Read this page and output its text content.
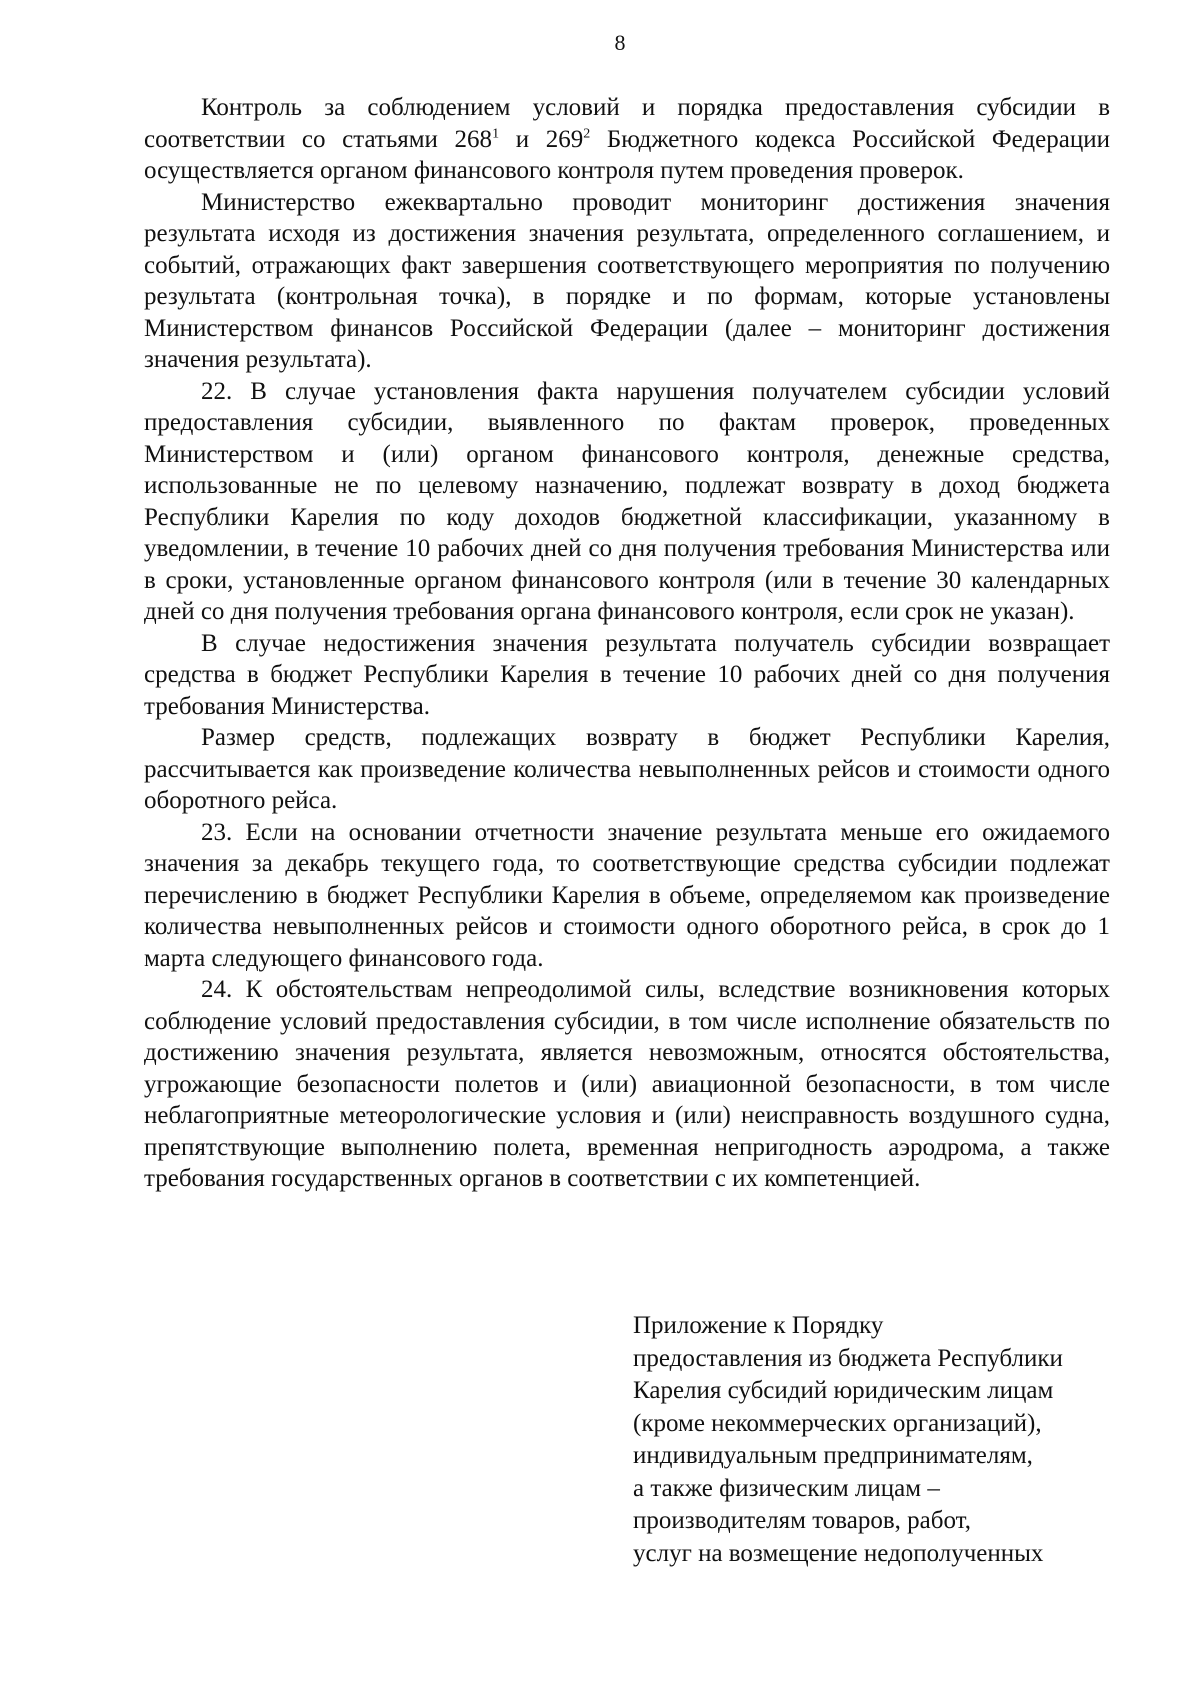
8

Контроль за соблюдением условий и порядка предоставления субсидии в соответствии со статьями $268^1$ и $269^2$ Бюджетного кодекса Российской Федерации осуществляется органом финансового контроля путем проведения проверок.

Министерство ежеквартально проводит мониторинг достижения значения результата исходя из достижения значения результата, определенного соглашением, и событий, отражающих факт завершения соответствующего мероприятия по получению результата (контрольная точка), в порядке и по формам, которые установлены Министерством финансов Российской Федерации (далее – мониторинг достижения значения результата).

22. В случае установления факта нарушения получателем субсидии условий предоставления субсидии, выявленного по фактам проверок, проведенных Министерством и (или) органом финансового контроля, денежные средства, использованные не по целевому назначению, подлежат возврату в доход бюджета Республики Карелия по коду доходов бюджетной классификации, указанному в уведомлении, в течение 10 рабочих дней со дня получения требования Министерства или в сроки, установленные органом финансового контроля (или в течение 30 календарных дней со дня получения требования органа финансового контроля, если срок не указан).

В случае недостижения значения результата получатель субсидии возвращает средства в бюджет Республики Карелия в течение 10 рабочих дней со дня получения требования Министерства.

Размер средств, подлежащих возврату в бюджет Республики Карелия, рассчитывается как произведение количества невыполненных рейсов и стоимости одного оборотного рейса.

23. Если на основании отчетности значение результата меньше его ожидаемого значения за декабрь текущего года, то соответствующие средства субсидии подлежат перечислению в бюджет Республики Карелия в объеме, определяемом как произведение количества невыполненных рейсов и стоимости одного оборотного рейса, в срок до 1 марта следующего финансового года.

24. К обстоятельствам непреодолимой силы, вследствие возникновения которых соблюдение условий предоставления субсидии, в том числе исполнение обязательств по достижению значения результата, является невозможным, относятся обстоятельства, угрожающие безопасности полетов и (или) авиационной безопасности, в том числе неблагоприятные метеорологические условия и (или) неисправность воздушного судна, препятствующие выполнению полета, временная непригодность аэродрома, а также требования государственных органов в соответствии с их компетенцией.

Приложение к Порядку
предоставления из бюджета Республики
Карелия субсидий юридическим лицам
(кроме некоммерческих организаций),
индивидуальным предпринимателям,
а также физическим лицам –
производителям товаров, работ,
услуг на возмещение недополученных
